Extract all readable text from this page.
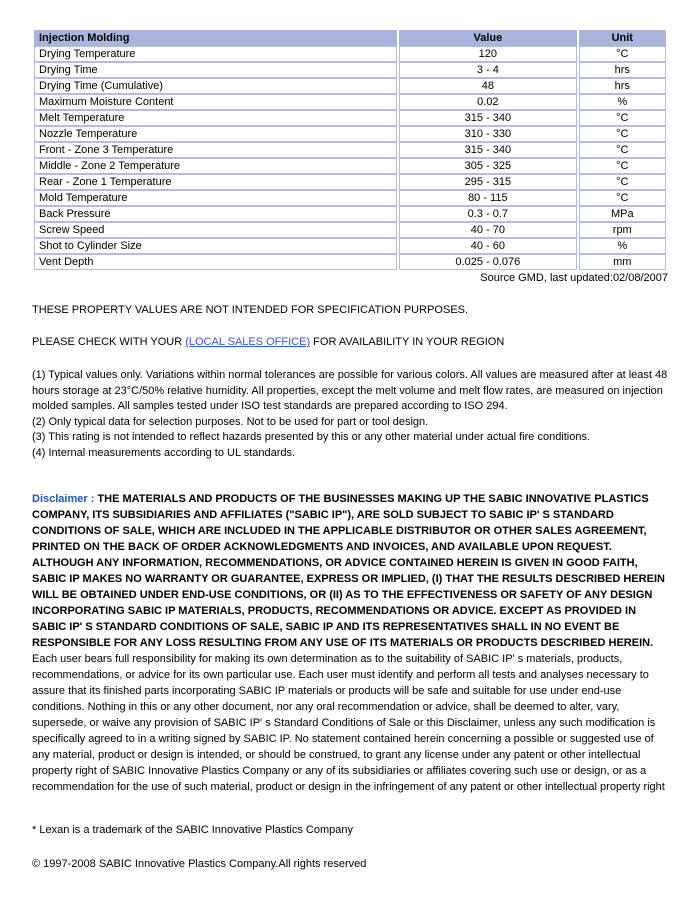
Injection Molding	Value	Unit
Drying Temperature	120	°C
Drying Time	3 - 4	hrs
Drying Time (Cumulative)	48	hrs
Maximum Moisture Content	0.02	%
Melt Temperature	315 - 340	°C
Nozzle Temperature	310 - 330	°C
Front - Zone 3 Temperature	315 - 340	°C
Middle - Zone 2 Temperature	305 - 325	°C
Rear - Zone 1 Temperature	295 - 315	°C
Mold Temperature	80 - 115	°C
Back Pressure	0.3 - 0.7	MPa
Screw Speed	40 - 70	rpm
Shot to Cylinder Size	40 - 60	%
Vent Depth	0.025 - 0.076	mm
Source GMD, last updated:02/08/2007

THESE PROPERTY VALUES ARE NOT INTENDED FOR SPECIFICATION PURPOSES.

PLEASE CHECK WITH YOUR (LOCAL SALES OFFICE) FOR AVAILABILITY IN YOUR REGION

(1) Typical values only. Variations within normal tolerances are possible for various colors. All values are measured after at least 48 hours storage at 23°C/50% relative humidity. All properties, except the melt volume and melt flow rates, are measured on injection molded samples. All samples tested under ISO test standards are prepared according to ISO 294.
(2) Only typical data for selection purposes. Not to be used for part or tool design.
(3) This rating is not intended to reflect hazards presented by this or any other material under actual fire conditions.
(4) Internal measurements according to UL standards.

Disclaimer : THE MATERIALS AND PRODUCTS OF THE BUSINESSES MAKING UP THE SABIC INNOVATIVE PLASTICS COMPANY, ITS SUBSIDIARIES AND AFFILIATES ("SABIC IP"), ARE SOLD SUBJECT TO SABIC IP' S STANDARD CONDITIONS OF SALE, WHICH ARE INCLUDED IN THE APPLICABLE DISTRIBUTOR OR OTHER SALES AGREEMENT, PRINTED ON THE BACK OF ORDER ACKNOWLEDGMENTS AND INVOICES, AND AVAILABLE UPON REQUEST. ALTHOUGH ANY INFORMATION, RECOMMENDATIONS, OR ADVICE CONTAINED HEREIN IS GIVEN IN GOOD FAITH, SABIC IP MAKES NO WARRANTY OR GUARANTEE, EXPRESS OR IMPLIED, (I) THAT THE RESULTS DESCRIBED HEREIN WILL BE OBTAINED UNDER END-USE CONDITIONS, OR (II) AS TO THE EFFECTIVENESS OR SAFETY OF ANY DESIGN INCORPORATING SABIC IP MATERIALS, PRODUCTS, RECOMMENDATIONS OR ADVICE. EXCEPT AS PROVIDED IN SABIC IP' S STANDARD CONDITIONS OF SALE, SABIC IP AND ITS REPRESENTATIVES SHALL IN NO EVENT BE RESPONSIBLE FOR ANY LOSS RESULTING FROM ANY USE OF ITS MATERIALS OR PRODUCTS DESCRIBED HEREIN. Each user bears full responsibility for making its own determination as to the suitability of SABIC IP' s materials, products, recommendations, or advice for its own particular use. Each user must identify and perform all tests and analyses necessary to assure that its finished parts incorporating SABIC IP materials or products will be safe and suitable for use under end-use conditions. Nothing in this or any other document, nor any oral recommendation or advice, shall be deemed to alter, vary, supersede, or waive any provision of SABIC IP' s Standard Conditions of Sale or this Disclaimer, unless any such modification is specifically agreed to in a writing signed by SABIC IP. No statement contained herein concerning a possible or suggested use of any material, product or design is intended, or should be construed, to grant any license under any patent or other intellectual property right of SABIC Innovative Plastics Company or any of its subsidiaries or affiliates covering such use or design, or as a recommendation for the use of such material, product or design in the infringement of any patent or other intellectual property right

* Lexan is a trademark of the SABIC Innovative Plastics Company

© 1997-2008 SABIC Innovative Plastics Company.All rights reserved
